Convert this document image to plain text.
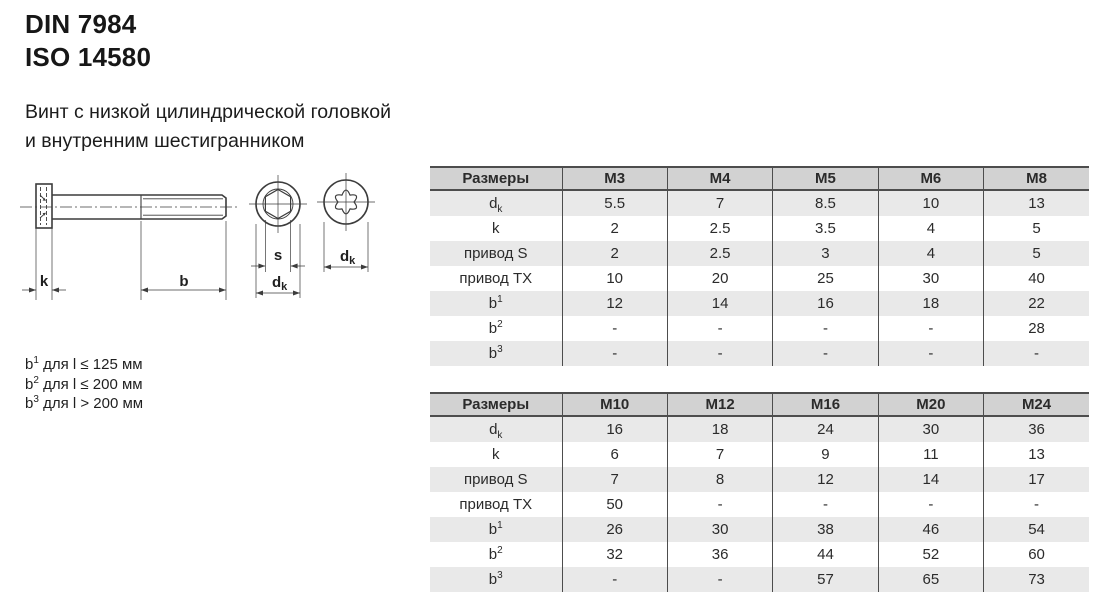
DIN 7984
ISO 14580
Винт с низкой цилиндрической головкой
и внутренним шестигранником
k	b
s
$d_k$
$d_k$
$b^1$ для l ≤ 125 мм
$b^2$ для l ≤ 200 мм
$b^3$ для l > 200 мм
Размеры	M3	M4	M5	M6	M8
$d_k$	5.5	7	8.5	10	13
k	2	2.5	3.5	4	5
привод S	2	2.5	3	4	5
привод TX	10	20	25	30	40
$b^1$	12	14	16	18	22
$b^2$	-	-	-	-	28
$b^3$	-	-	-	-	-
Размеры	M10	M12	M16	M20	M24
$d_k$	16	18	24	30	36
k	6	7	9	11	13
привод S	7	8	12	14	17
привод TX	50	-	-	-	-
$b^1$	26	30	38	46	54
$b^2$	32	36	44	52	60
$b^3$	-	-	57	65	73
